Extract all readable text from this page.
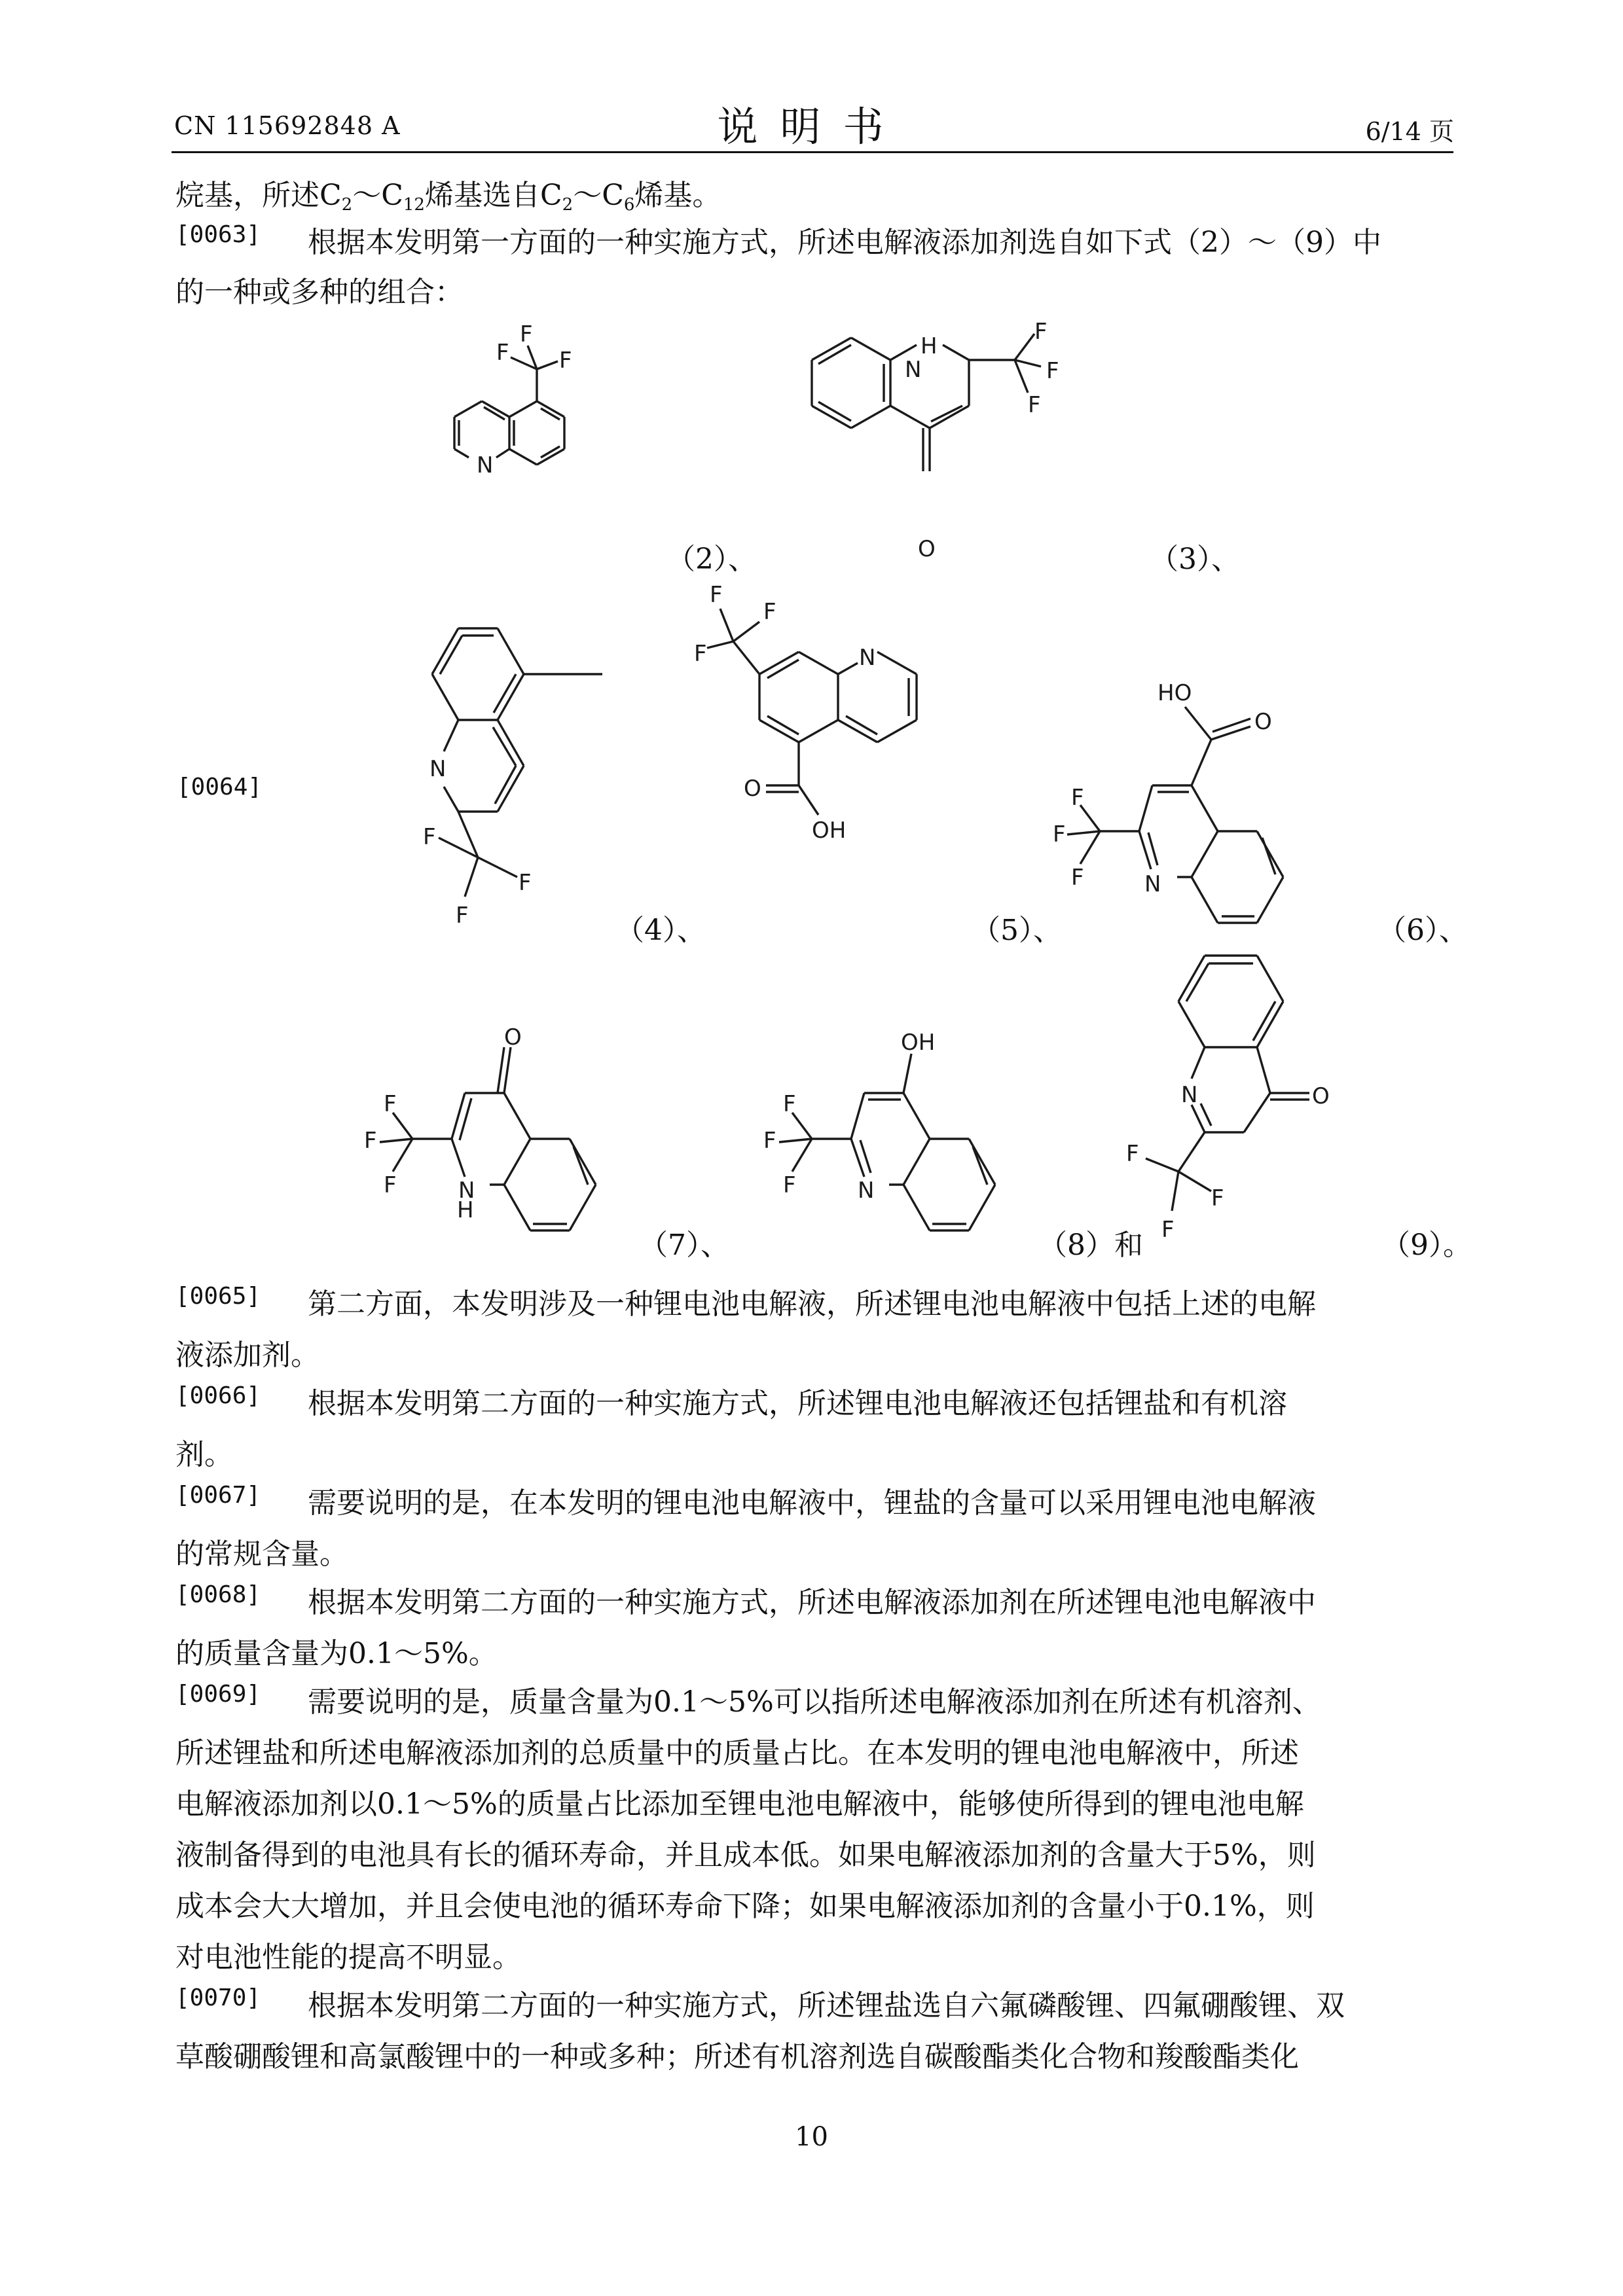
CN 115692848 A	说明书	6/14 页
烷基，所述$C_2\sim C_{12}$烯基选自$C_2\sim C_6$烯基。
[0063] 根据本发明第一方面的一种实施方式，所述电解液添加剂选自如下式（2）～（9）中
的一种或多种的组合：
[0064]
N
F
F
F
（2）、
H
N
O
F
F
F
（3）、
N
F
F
F	（4）、
N
F
F
F
O
OH
（5）、
N
HO
O
F
F
F
（6）、
N
H
O
F
F
F
（7）、
N
OH
F
F
F
（8）和
N	O
F
F
F	（9）。
[0065] 第二方面，本发明涉及一种锂电池电解液，所述锂电池电解液中包括上述的电解
液添加剂。
[0066] 根据本发明第二方面的一种实施方式，所述锂电池电解液还包括锂盐和有机溶
剂。
[0067] 需要说明的是，在本发明的锂电池电解液中，锂盐的含量可以采用锂电池电解液
的常规含量。
[0068] 根据本发明第二方面的一种实施方式，所述电解液添加剂在所述锂电池电解液中
的质量含量为0.1～5%。
[0069] 需要说明的是，质量含量为0.1～5%可以指所述电解液添加剂在所述有机溶剂、
所述锂盐和所述电解液添加剂的总质量中的质量占比。在本发明的锂电池电解液中，所述
电解液添加剂以0.1～5%的质量占比添加至锂电池电解液中，能够使所得到的锂电池电解
液制备得到的电池具有长的循环寿命，并且成本低。如果电解液添加剂的含量大于5%，则
成本会大大增加，并且会使电池的循环寿命下降；如果电解液添加剂的含量小于0.1%，则
对电池性能的提高不明显。
[0070] 根据本发明第二方面的一种实施方式，所述锂盐选自六氟磷酸锂、四氟硼酸锂、双
草酸硼酸锂和高氯酸锂中的一种或多种；所述有机溶剂选自碳酸酯类化合物和羧酸酯类化
10
